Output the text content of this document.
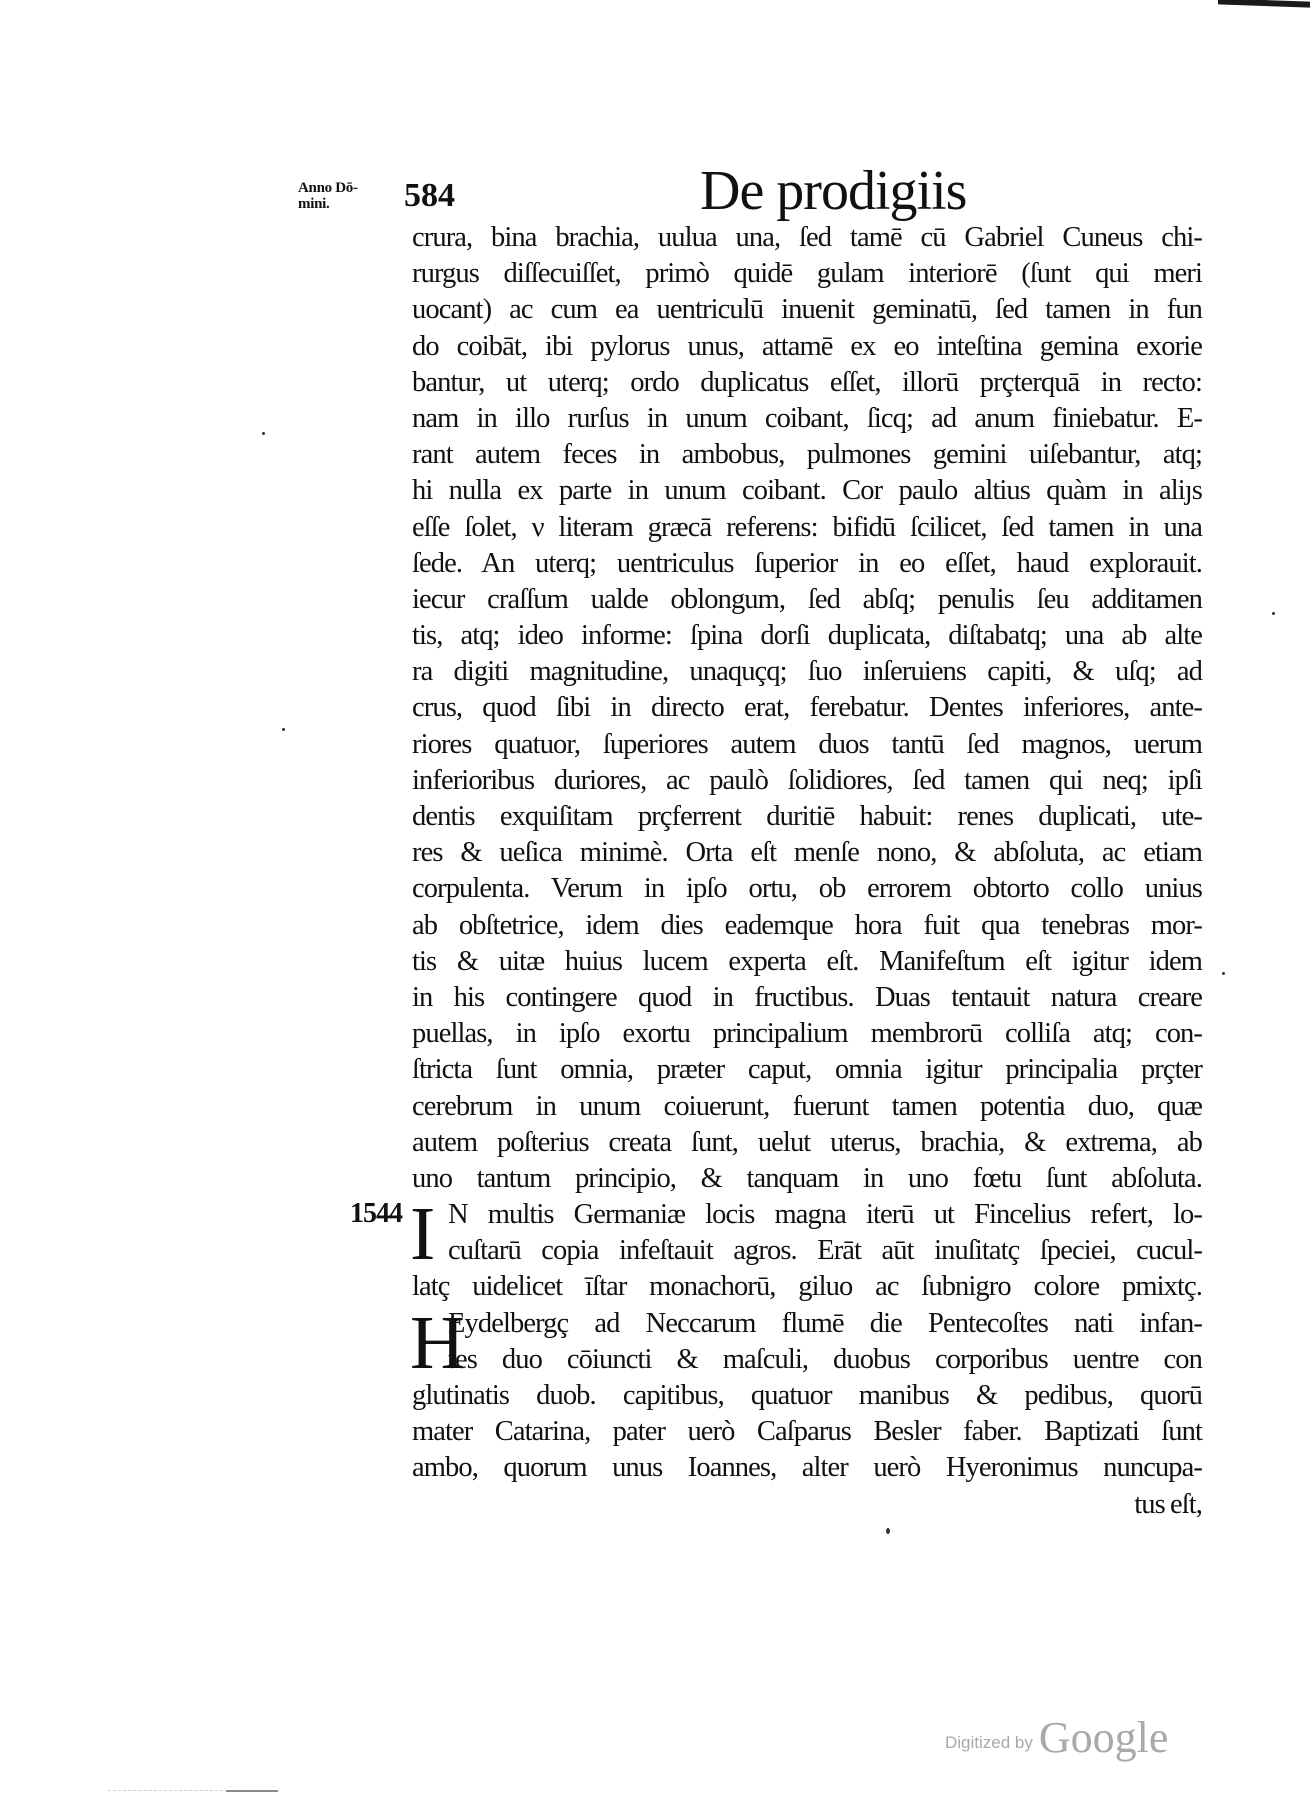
Anno Dō-
mini.	584	De prodigiis
1544
crura, bina brachia, uulua una, ſed tamē cū Gabriel Cuneus chi-
rurgus diſſecuiſſet, primò quidē gulam interiorē (ſunt qui meri
uocant) ac cum ea uentriculū inuenit geminatū, ſed tamen in fun
do coibāt, ibi pylorus unus, attamē ex eo inteſtina gemina exorie
bantur, ut uterq; ordo duplicatus eſſet, illorū prçterquā in recto:
nam in illo rurſus in unum coibant, ſicq; ad anum finiebatur. E-
rant autem feces in ambobus, pulmones gemini uiſebantur, atq;
hi nulla ex parte in unum coibant. Cor paulo altius quàm in aliȷs
eſſe ſolet, ν literam græcā referens: bifidū ſcilicet, ſed tamen in una
ſede. An uterq; uentriculus ſuperior in eo eſſet, haud explorauit.
iecur craſſum ualde oblongum, ſed abſq; penulis ſeu additamen
tis, atq; ideo informe: ſpina dorſi duplicata, diſtabatq; una ab alte
ra digiti magnitudine, unaquçq; ſuo inſeruiens capiti, & uſq; ad
crus, quod ſibi in directo erat, ferebatur. Dentes inferiores, ante-
riores quatuor, ſuperiores autem duos tantū ſed magnos, uerum
inferioribus duriores, ac paulò ſolidiores, ſed tamen qui neq; ipſi
dentis exquiſitam prçferrent duritiē habuit: renes duplicati, ute-
res & ueſica minimè. Orta eſt menſe nono, & abſoluta, ac etiam
corpulenta. Verum in ipſo ortu, ob errorem obtorto collo unius
ab obſtetrice, idem dies eademque hora fuit qua tenebras mor-
tis & uitæ huius lucem experta eſt. Manifeſtum eſt igitur idem
in his contingere quod in fructibus. Duas tentauit natura creare
puellas, in ipſo exortu principalium membrorū colliſa atq; con-
ſtricta ſunt omnia, præter caput, omnia igitur principalia prçter
cerebrum in unum coiuerunt, fuerunt tamen potentia duo, quæ
autem poſterius creata ſunt, uelut uterus, brachia, & extrema, ab
uno tantum principio, & tanquam in uno fœtu ſunt abſoluta.
I N multis Germaniæ locis magna iterū ut Fincelius refert, lo-
cuſtarū copia infeſtauit agros. Erāt aūt inuſitatç ſpeciei, cucul-
latç uidelicet īſtar monachorū, giluo ac ſubnigro colore pmixtç.
H
Eydelbergç ad Neccarum flumē die Pentecoſtes nati infan-
tes duo cōiuncti & maſculi, duobus corporibus uentre con
glutinatis duob. capitibus, quatuor manibus & pedibus, quorū
mater Catarina, pater uerò Caſparus Besler faber. Baptizati ſunt
ambo, quorum unus Ioannes, alter uerò Hyeronimus nuncupa-
tus eſt,
Digitized by Google
